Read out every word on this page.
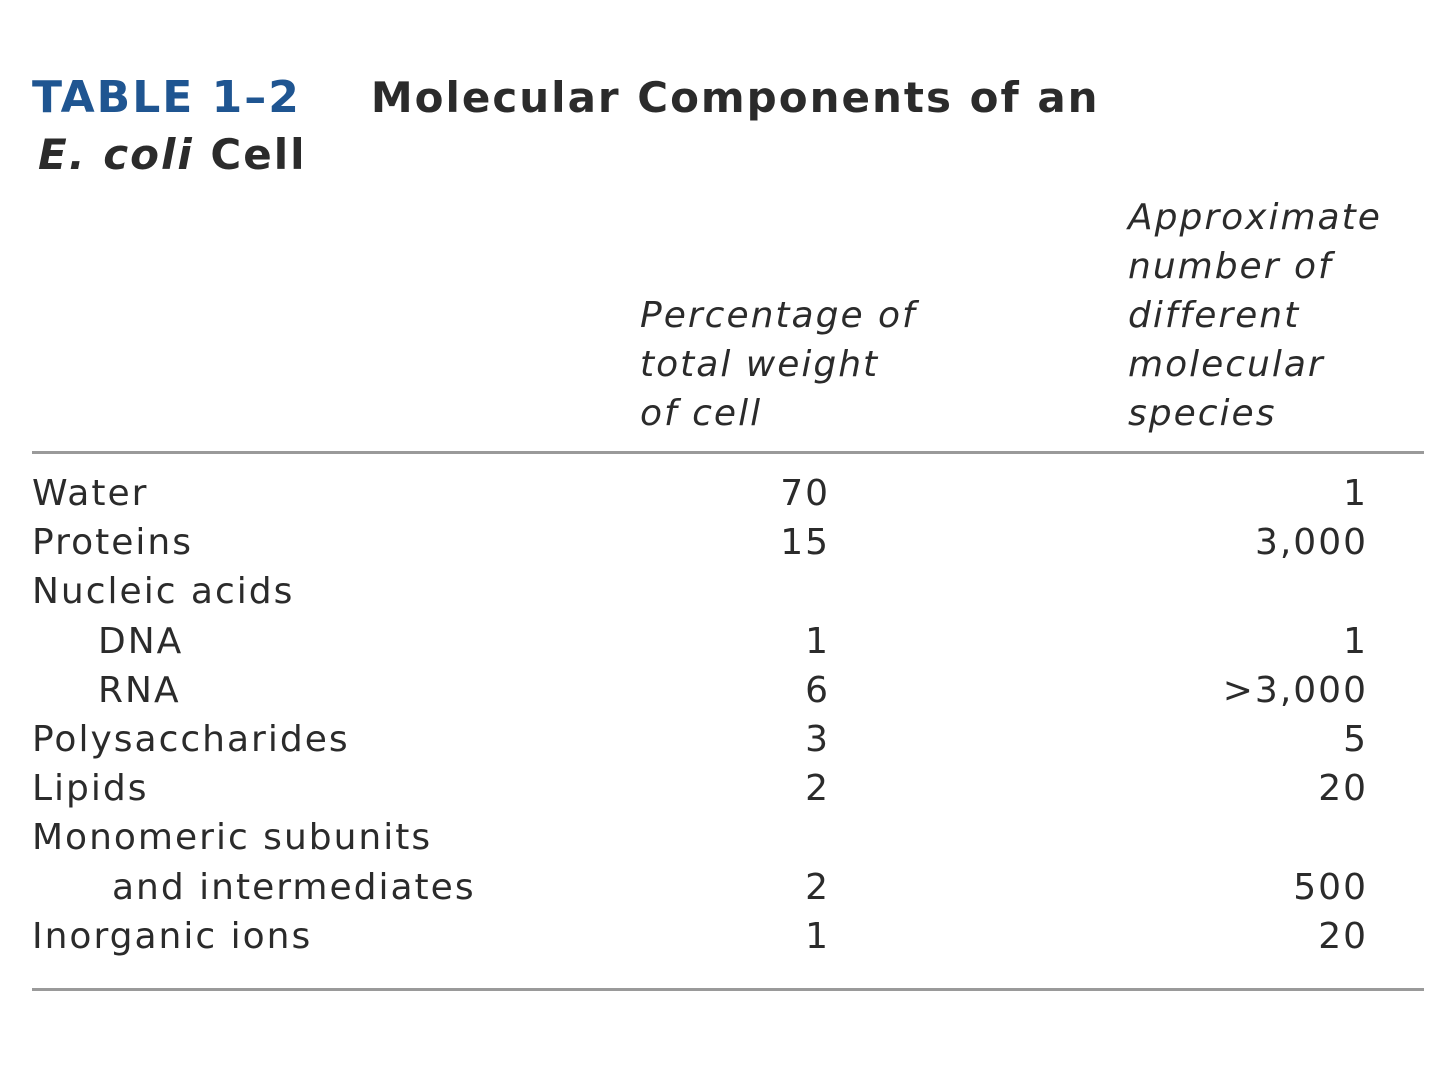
TABLE 1–2 Molecular Components of an
E. coli Cell
Percentage of
total weight
of cell
Approximate
number of
different
molecular
species
Water	70	1
Proteins	15	3,000
Nucleic acids
DNA	1	1
RNA	6	>3,000
Polysaccharides	3	5
Lipids	2	20
Monomeric subunits
and intermediates	2	500
Inorganic ions	1	20
